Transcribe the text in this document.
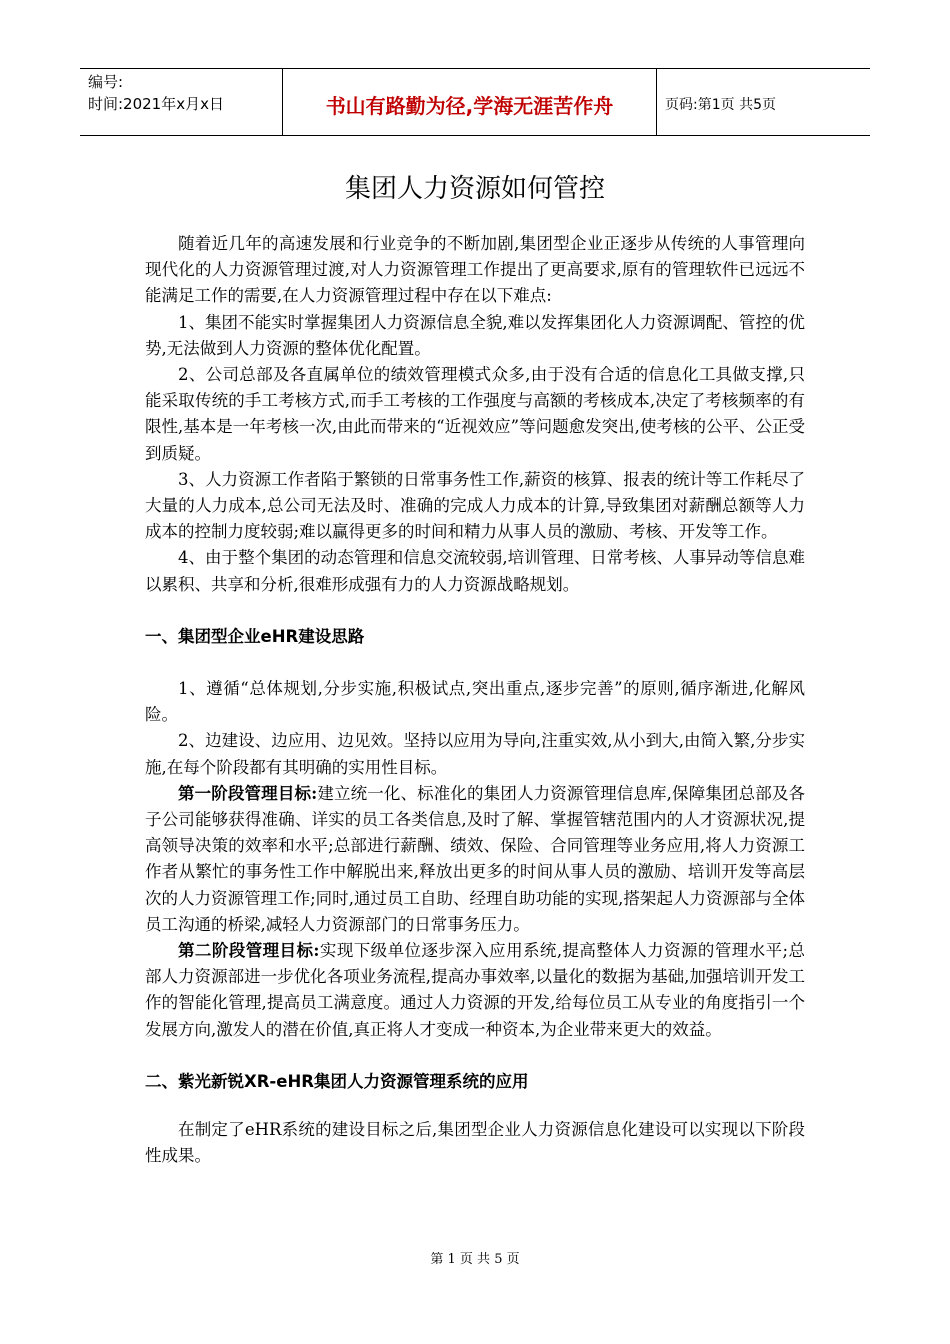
编号:
时间:2021年x月x日	书山有路勤为径,学海无涯苦作舟	页码:第1页 共5页
集团人力资源如何管控

随着近几年的高速发展和行业竞争的不断加剧,集团型企业正逐步从传统的人事管理向现代化的人力资源管理过渡,对人力资源管理工作提出了更高要求,原有的管理软件已远远不能满足工作的需要,在人力资源管理过程中存在以下难点:

1、集团不能实时掌握集团人力资源信息全貌,难以发挥集团化人力资源调配、管控的优势,无法做到人力资源的整体优化配置。

2、公司总部及各直属单位的绩效管理模式众多,由于没有合适的信息化工具做支撑,只能采取传统的手工考核方式,而手工考核的工作强度与高额的考核成本,决定了考核频率的有限性,基本是一年考核一次,由此而带来的“近视效应”等问题愈发突出,使考核的公平、公正受到质疑。

3、人力资源工作者陷于繁锁的日常事务性工作,薪资的核算、报表的统计等工作耗尽了大量的人力成本,总公司无法及时、准确的完成人力成本的计算,导致集团对薪酬总额等人力成本的控制力度较弱;难以赢得更多的时间和精力从事人员的激励、考核、开发等工作。

4、由于整个集团的动态管理和信息交流较弱,培训管理、日常考核、人事异动等信息难以累积、共享和分析,很难形成强有力的人力资源战略规划。

一、集团型企业eHR建设思路

1、遵循“总体规划,分步实施,积极试点,突出重点,逐步完善”的原则,循序渐进,化解风险。

2、边建设、边应用、边见效。坚持以应用为导向,注重实效,从小到大,由简入繁,分步实施,在每个阶段都有其明确的实用性目标。

第一阶段管理目标:建立统一化、标准化的集团人力资源管理信息库,保障集团总部及各子公司能够获得准确、详实的员工各类信息,及时了解、掌握管辖范围内的人才资源状况,提高领导决策的效率和水平;总部进行薪酬、绩效、保险、合同管理等业务应用,将人力资源工作者从繁忙的事务性工作中解脱出来,释放出更多的时间从事人员的激励、培训开发等高层次的人力资源管理工作;同时,通过员工自助、经理自助功能的实现,搭架起人力资源部与全体员工沟通的桥梁,减轻人力资源部门的日常事务压力。

第二阶段管理目标:实现下级单位逐步深入应用系统,提高整体人力资源的管理水平;总部人力资源部进一步优化各项业务流程,提高办事效率,以量化的数据为基础,加强培训开发工作的智能化管理,提高员工满意度。通过人力资源的开发,给每位员工从专业的角度指引一个发展方向,激发人的潜在价值,真正将人才变成一种资本,为企业带来更大的效益。

二、紫光新锐XR-eHR集团人力资源管理系统的应用

在制定了eHR系统的建设目标之后,集团型企业人力资源信息化建设可以实现以下阶段性成果。

第 1 页 共 5 页
